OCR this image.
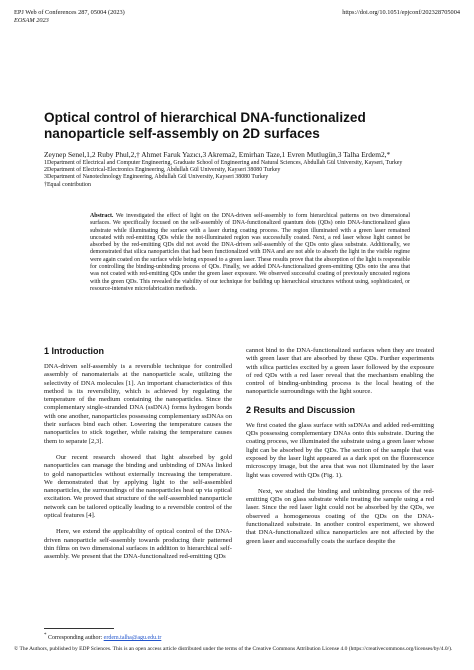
EPJ Web of Conferences 287, 05004 (2023)
EOSAM 2023
https://doi.org/10.1051/epjconf/202328705004
Optical control of hierarchical DNA-functionalized nanoparticle self-assembly on 2D surfaces
Zeynep Senel,1,2 Ruby Phul,2,† Ahmet Faruk Yazıcı,3 Akrema2, Emirhan Taze,1 Evren Mutlugün,3 Talha Erdem2,*

1Department of Electrical and Computer Engineering, Graduate School of Engineering and Natural Sciences, Abdullah Gül University, Kayseri, Turkey

2Department of Electrical-Electronics Engineering, Abdullah Gül University, Kayseri 38080 Turkey

3Department of Nanotechnology Engineering, Abdullah Gül University, Kayseri 38080 Turkey

†Equal contribution

Abstract. We investigated the effect of light on the DNA-driven self-assembly to form hierarchical patterns on two dimensional surfaces. We specifically focused on the self-assembly of DNA-functionalized quantum dots (QDs) onto DNA-functionalized glass substrate while illuminating the surface with a laser during coating process. The region illuminated with a green laser remained uncoated with red-emitting QDs while the not-illuminated region was successfully coated. Next, a red laser whose light cannot be absorbed by the red-emitting QDs did not avoid the DNA-driven self-assembly of the QDs onto glass substrate. Additionally, we demonstrated that silica nanoparticles that had been functionalized with DNA and are not able to absorb the light in the visible regime were again coated on the surface while being exposed to a green laser. These results prove that the absorption of the light is responsible for controlling the binding-unbinding process of QDs. Finally, we added DNA-functionalized green-emitting QDs onto the area that was not coated with red-emitting QDs under the green laser exposure. We observed successful coating of previously uncoated regions with the green QDs. This revealed the viability of our technique for building up hierarchical structures without using, sophisticated, or resource-intensive microfabrication methods.
1 Introduction

DNA-driven self-assembly is a reversible technique for controlled assembly of nanomaterials at the nanoparticle scale, utilizing the selectivity of DNA molecules [1]. An important characteristics of this method is its reversibility, which is achieved by regulating the temperature of the medium containing the nanoparticles. Since the complementary single-stranded DNA (ssDNA) forms hydrogen bonds with one another, nanoparticles possessing complementary ssDNAs on their surfaces bind each other. Lowering the temperature causes the nanoparticles to stick together, while raising the temperature causes them to separate [2,3].

Our recent research showed that light absorbed by gold nanoparticles can manage the binding and unbinding of DNAs linked to gold nanoparticles without externally increasing the temperature. We demonstrated that by applying light to the self-assembled nanoparticles, the surroundings of the nanoparticles heat up via optical excitation. We proved that structure of the self-assembled nanoparticle network can be tailored optically leading to a reversible control of the optical features [4].

Here, we extend the applicability of optical control of the DNA-driven nanoparticle self-assembly towards producing their patterned thin films on two dimensional surfaces in addition to hierarchical self-assembly. We present that the DNA-functionalized red-emitting QDs

cannot bind to the DNA-functionalized surfaces when they are treated with green laser that are absorbed by these QDs. Further experiments with silica particles excited by a green laser followed by the exposure of red QDs with a red laser reveal that the mechanism enabling the control of binding-unbinding process is the local heating of the nanoparticle surroundings with the light source.

2 Results and Discussion

We first coated the glass surface with ssDNAs and added red-emitting QDs possessing complementary DNAs onto this substrate. During the coating process, we illuminated the substrate using a green laser whose light can be absorbed by the QDs. The section of the sample that was exposed by the laser light appeared as a dark spot on the fluorescence microscopy image, but the area that was not illuminated by the laser light was covered with QDs (Fig. 1).

Next, we studied the binding and unbinding process of the red-emitting QDs on glass substrate while treating the sample using a red laser. Since the red laser light could not be absorbed by the QDs, we observed a homogeneous coating of the QDs on the DNA-functionalized substrate. In another control experiment, we showed that DNA-functionalized silica nanoparticles are not affected by the green laser and successfully coats the surface despite the

* Corresponding author: erdem.talha@agu.edu.tr
© The Authors, published by EDP Sciences. This is an open access article distributed under the terms of the Creative Commons Attribution License 4.0 (https://creativecommons.org/licenses/by/4.0/).
